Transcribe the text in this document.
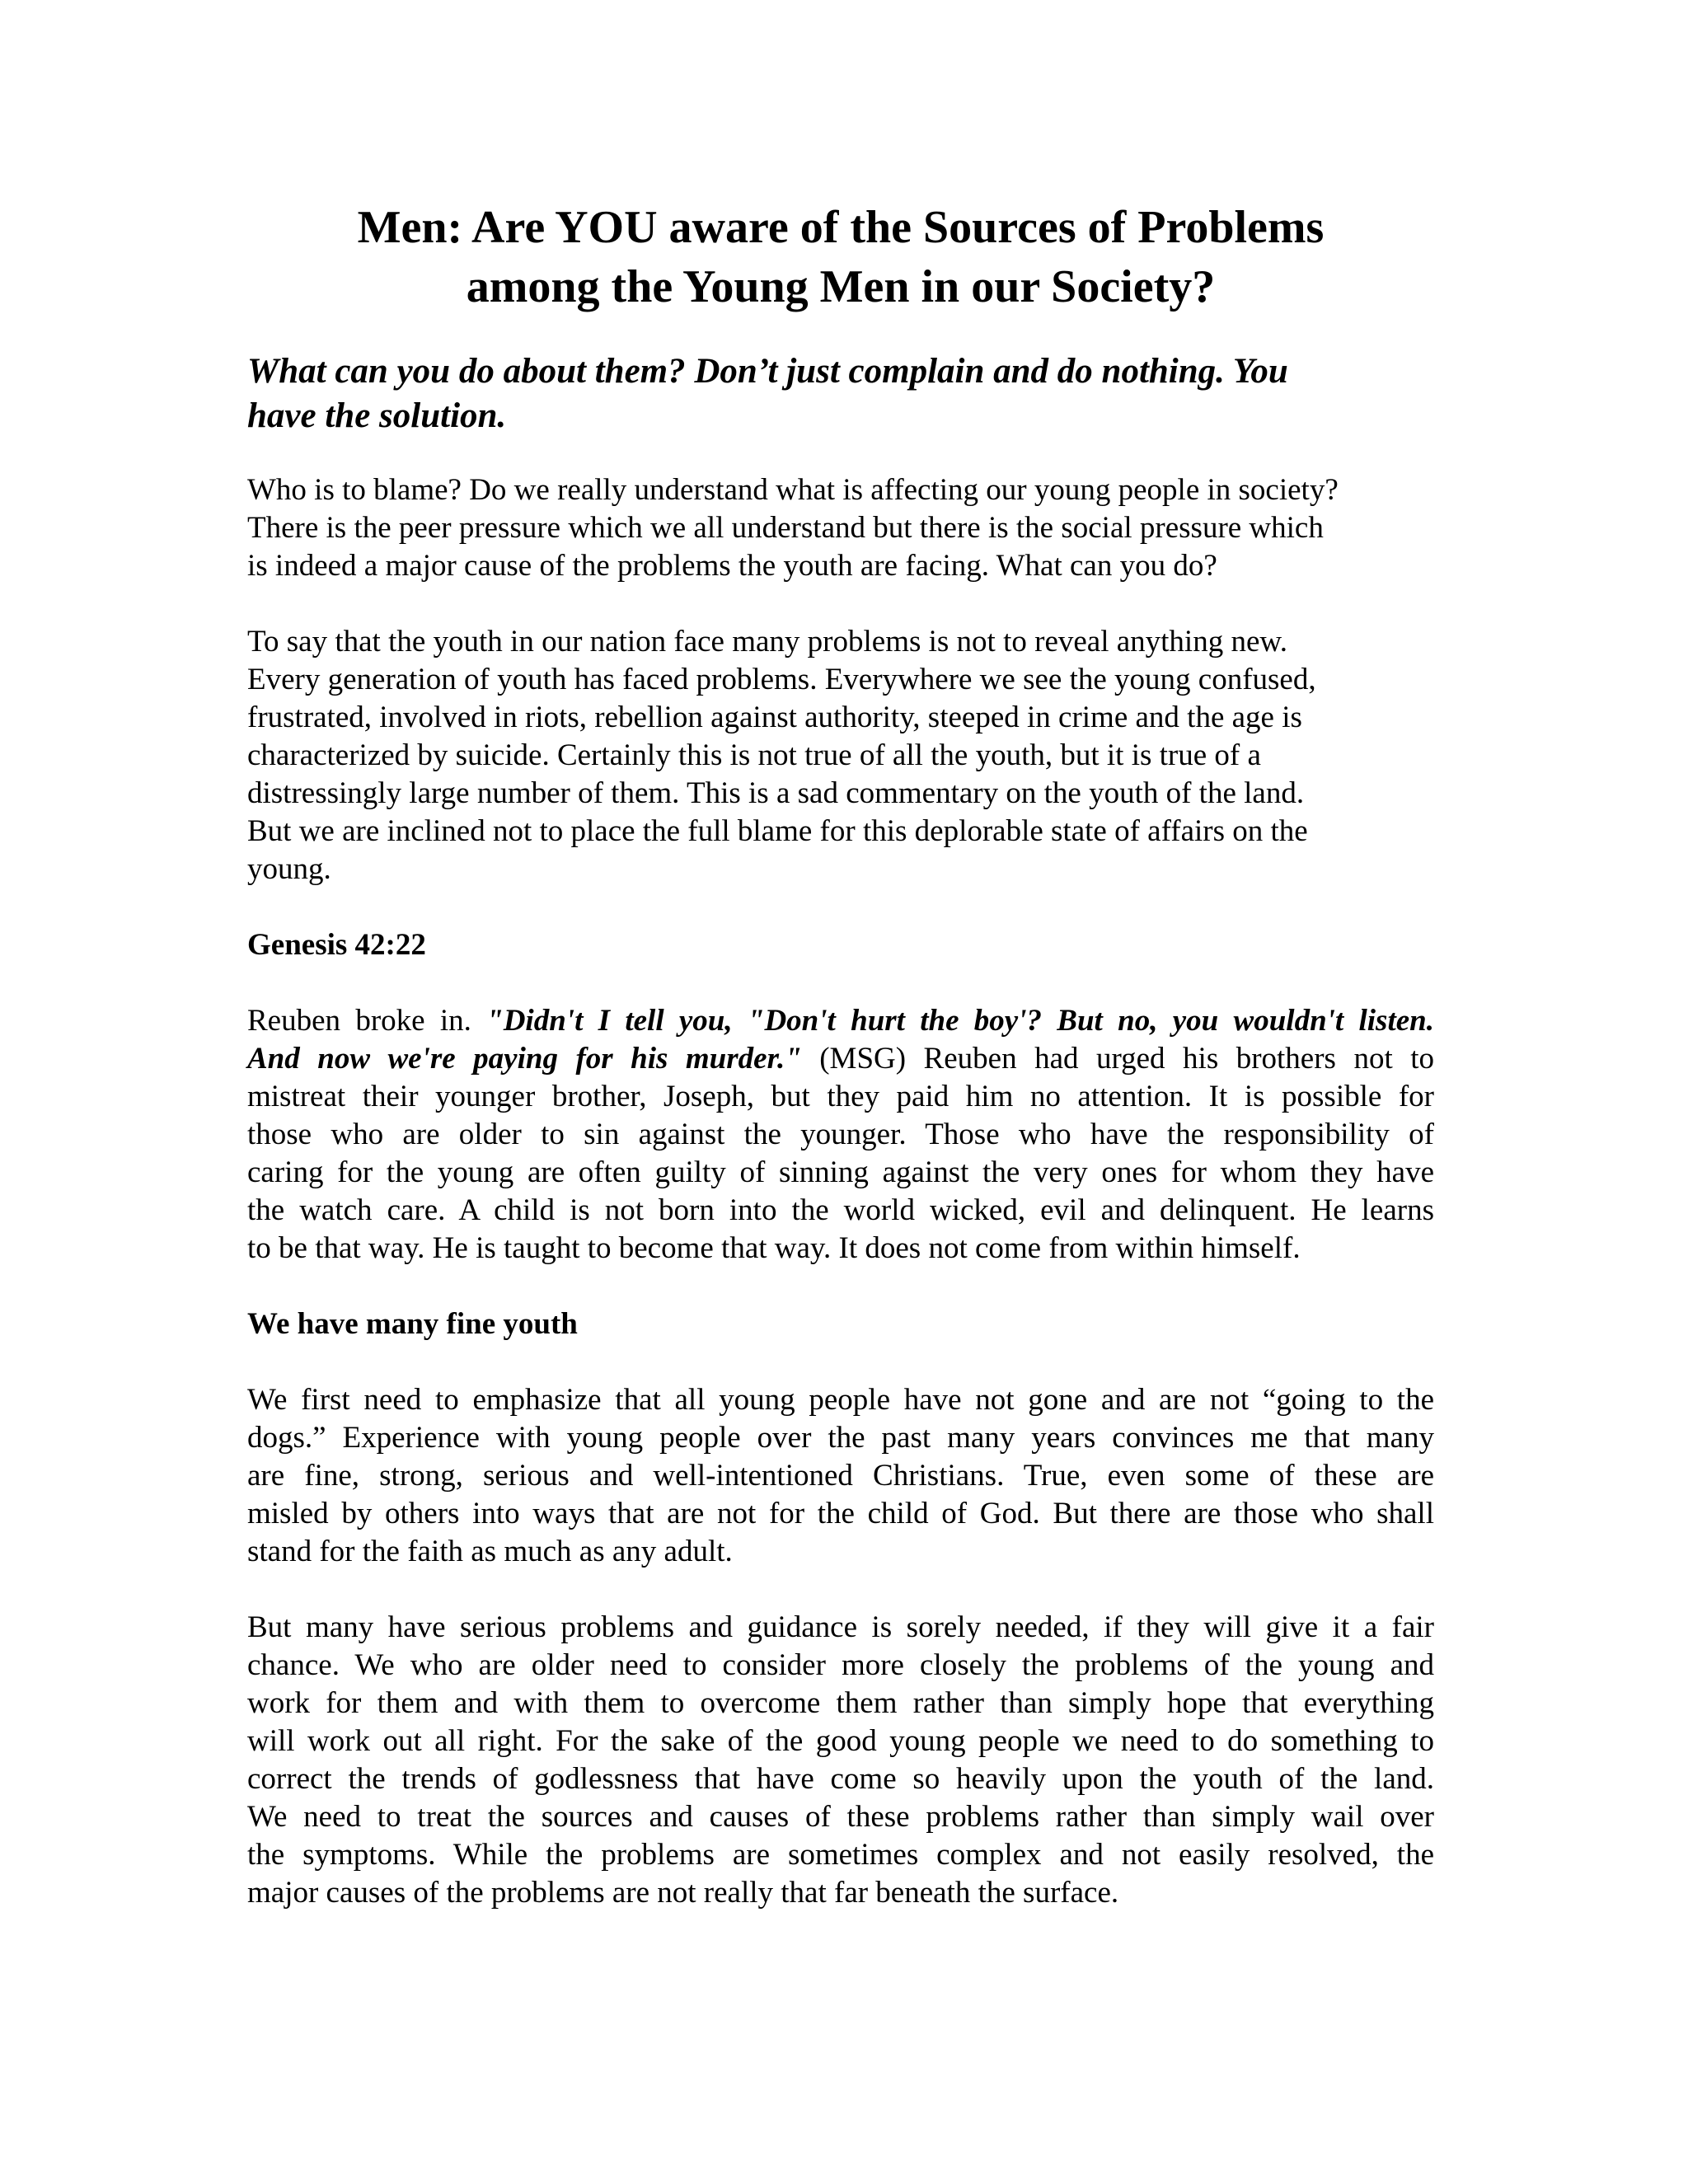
Men: Are YOU aware of the Sources of Problems
among the Young Men in our Society?
What can you do about them? Don’t just complain and do nothing. You
have the solution.

Who is to blame? Do we really understand what is affecting our young people in society?
There is the peer pressure which we all understand but there is the social pressure which
is indeed a major cause of the problems the youth are facing. What can you do?

To say that the youth in our nation face many problems is not to reveal anything new.
Every generation of youth has faced problems. Everywhere we see the young confused,
frustrated, involved in riots, rebellion against authority, steeped in crime and the age is
characterized by suicide. Certainly this is not true of all the youth, but it is true of a
distressingly large number of them. This is a sad commentary on the youth of the land.
But we are inclined not to place the full blame for this deplorable state of affairs on the
young.

Genesis 42:22

Reuben broke in. "Didn't I tell you, "Don't hurt the boy'? But no, you wouldn't listen.
And now we're paying for his murder." (MSG) Reuben had urged his brothers not to
mistreat their younger brother, Joseph, but they paid him no attention. It is possible for
those who are older to sin against the younger. Those who have the responsibility of
caring for the young are often guilty of sinning against the very ones for whom they have
the watch care. A child is not born into the world wicked, evil and delinquent. He learns
to be that way. He is taught to become that way. It does not come from within himself.

We have many fine youth

We first need to emphasize that all young people have not gone and are not “going to the
dogs.” Experience with young people over the past many years convinces me that many
are fine, strong, serious and well-intentioned Christians. True, even some of these are
misled by others into ways that are not for the child of God. But there are those who shall
stand for the faith as much as any adult.

But many have serious problems and guidance is sorely needed, if they will give it a fair
chance. We who are older need to consider more closely the problems of the young and
work for them and with them to overcome them rather than simply hope that everything
will work out all right. For the sake of the good young people we need to do something to
correct the trends of godlessness that have come so heavily upon the youth of the land.
We need to treat the sources and causes of these problems rather than simply wail over
the symptoms. While the problems are sometimes complex and not easily resolved, the
major causes of the problems are not really that far beneath the surface.
